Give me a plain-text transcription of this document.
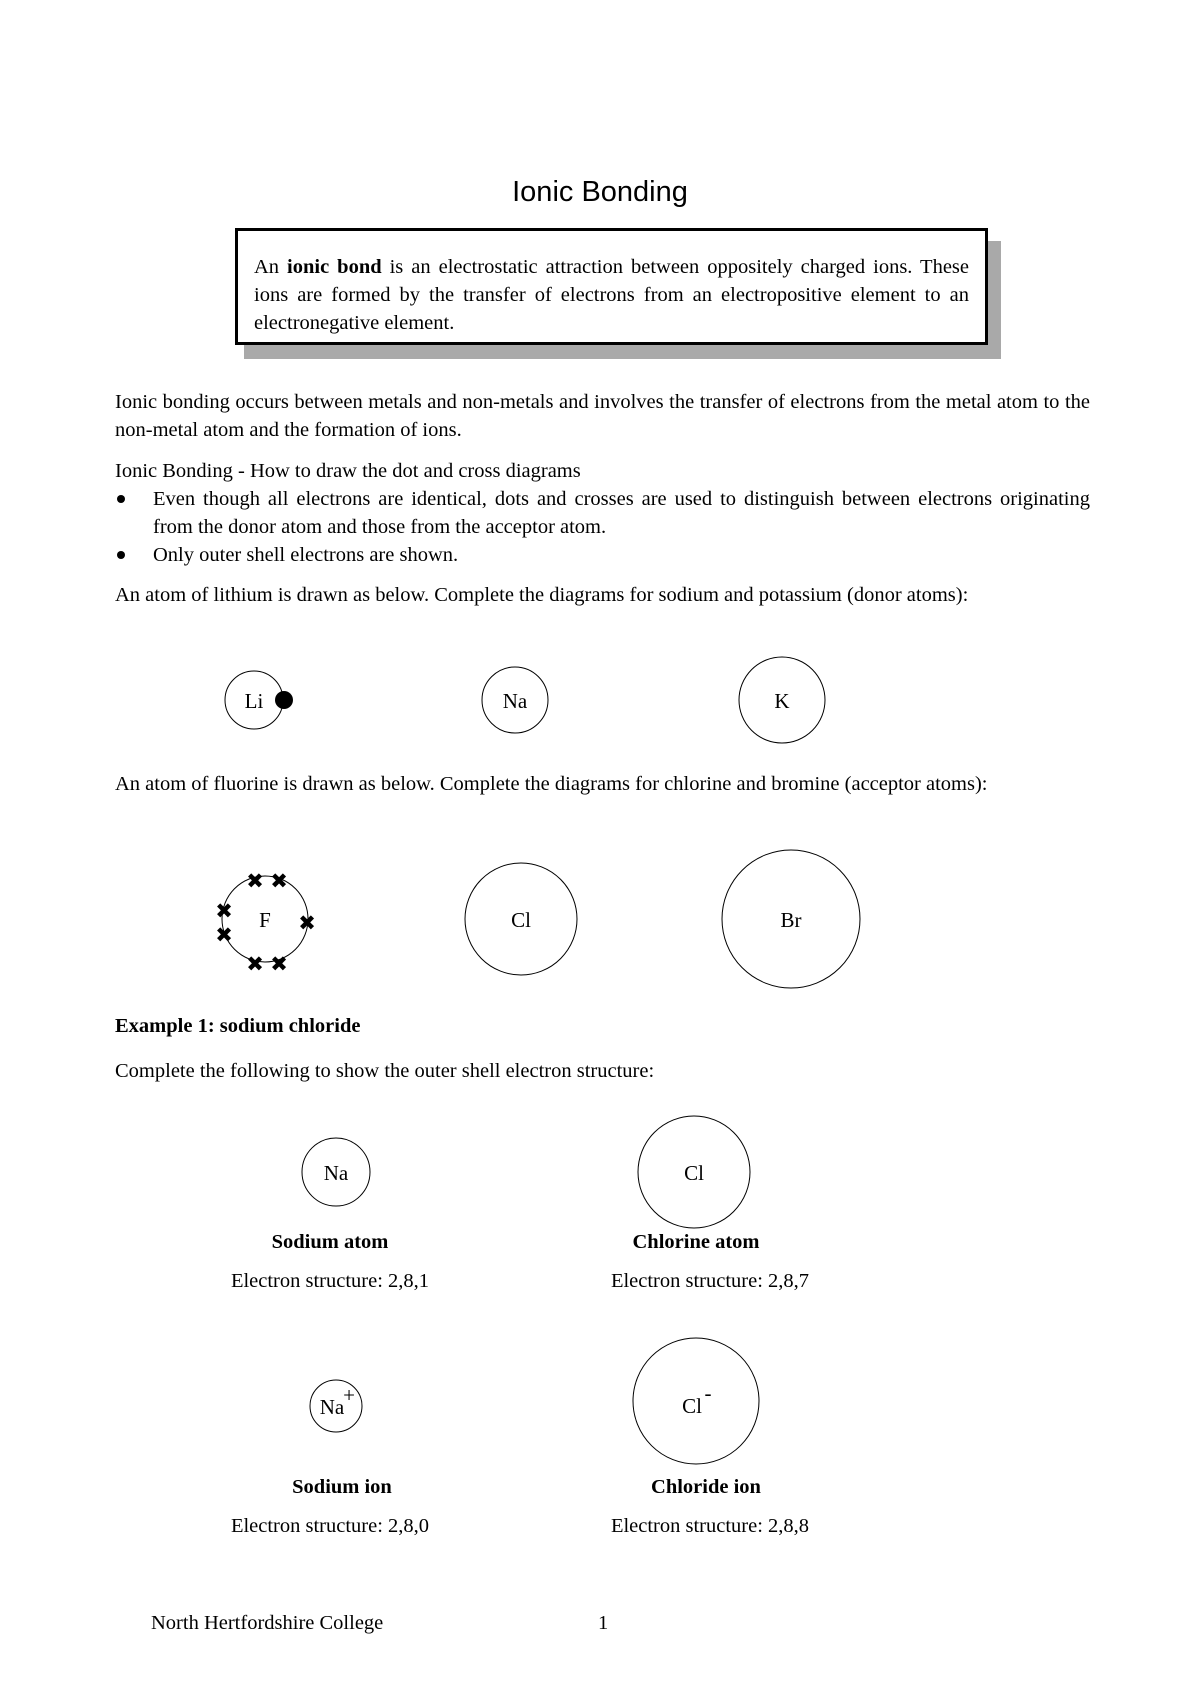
Ionic Bonding
An ionic bond is an electrostatic attraction between oppositely charged ions. These ions are formed by the transfer of electrons from an electropositive element to an electronegative element.
Ionic bonding occurs between metals and non-metals and involves the transfer of electrons from the metal atom to the non-metal atom and the formation of ions.
Ionic Bonding - How to draw the dot and cross diagrams
Even though all electrons are identical, dots and crosses are used to distinguish between electrons originating from the donor atom and those from the acceptor atom.
Only outer shell electrons are shown.
An atom of lithium is drawn as below. Complete the diagrams for sodium and potassium (donor atoms):
An atom of fluorine is drawn as below. Complete the diagrams for chlorine and bromine (acceptor atoms):
Li	Na	K
F
✖ ✖
✖
✖	✖
✖ ✖
Cl	Br
Na	Cl
Na
+	Cl
-
Example 1: sodium chloride
Complete the following to show the outer shell electron structure:
Sodium atom
Electron structure: 2,8,1
Chlorine atom
Electron structure: 2,8,7
Sodium ion
Electron structure: 2,8,0
Chloride ion
Electron structure: 2,8,8
North Hertfordshire College	1
